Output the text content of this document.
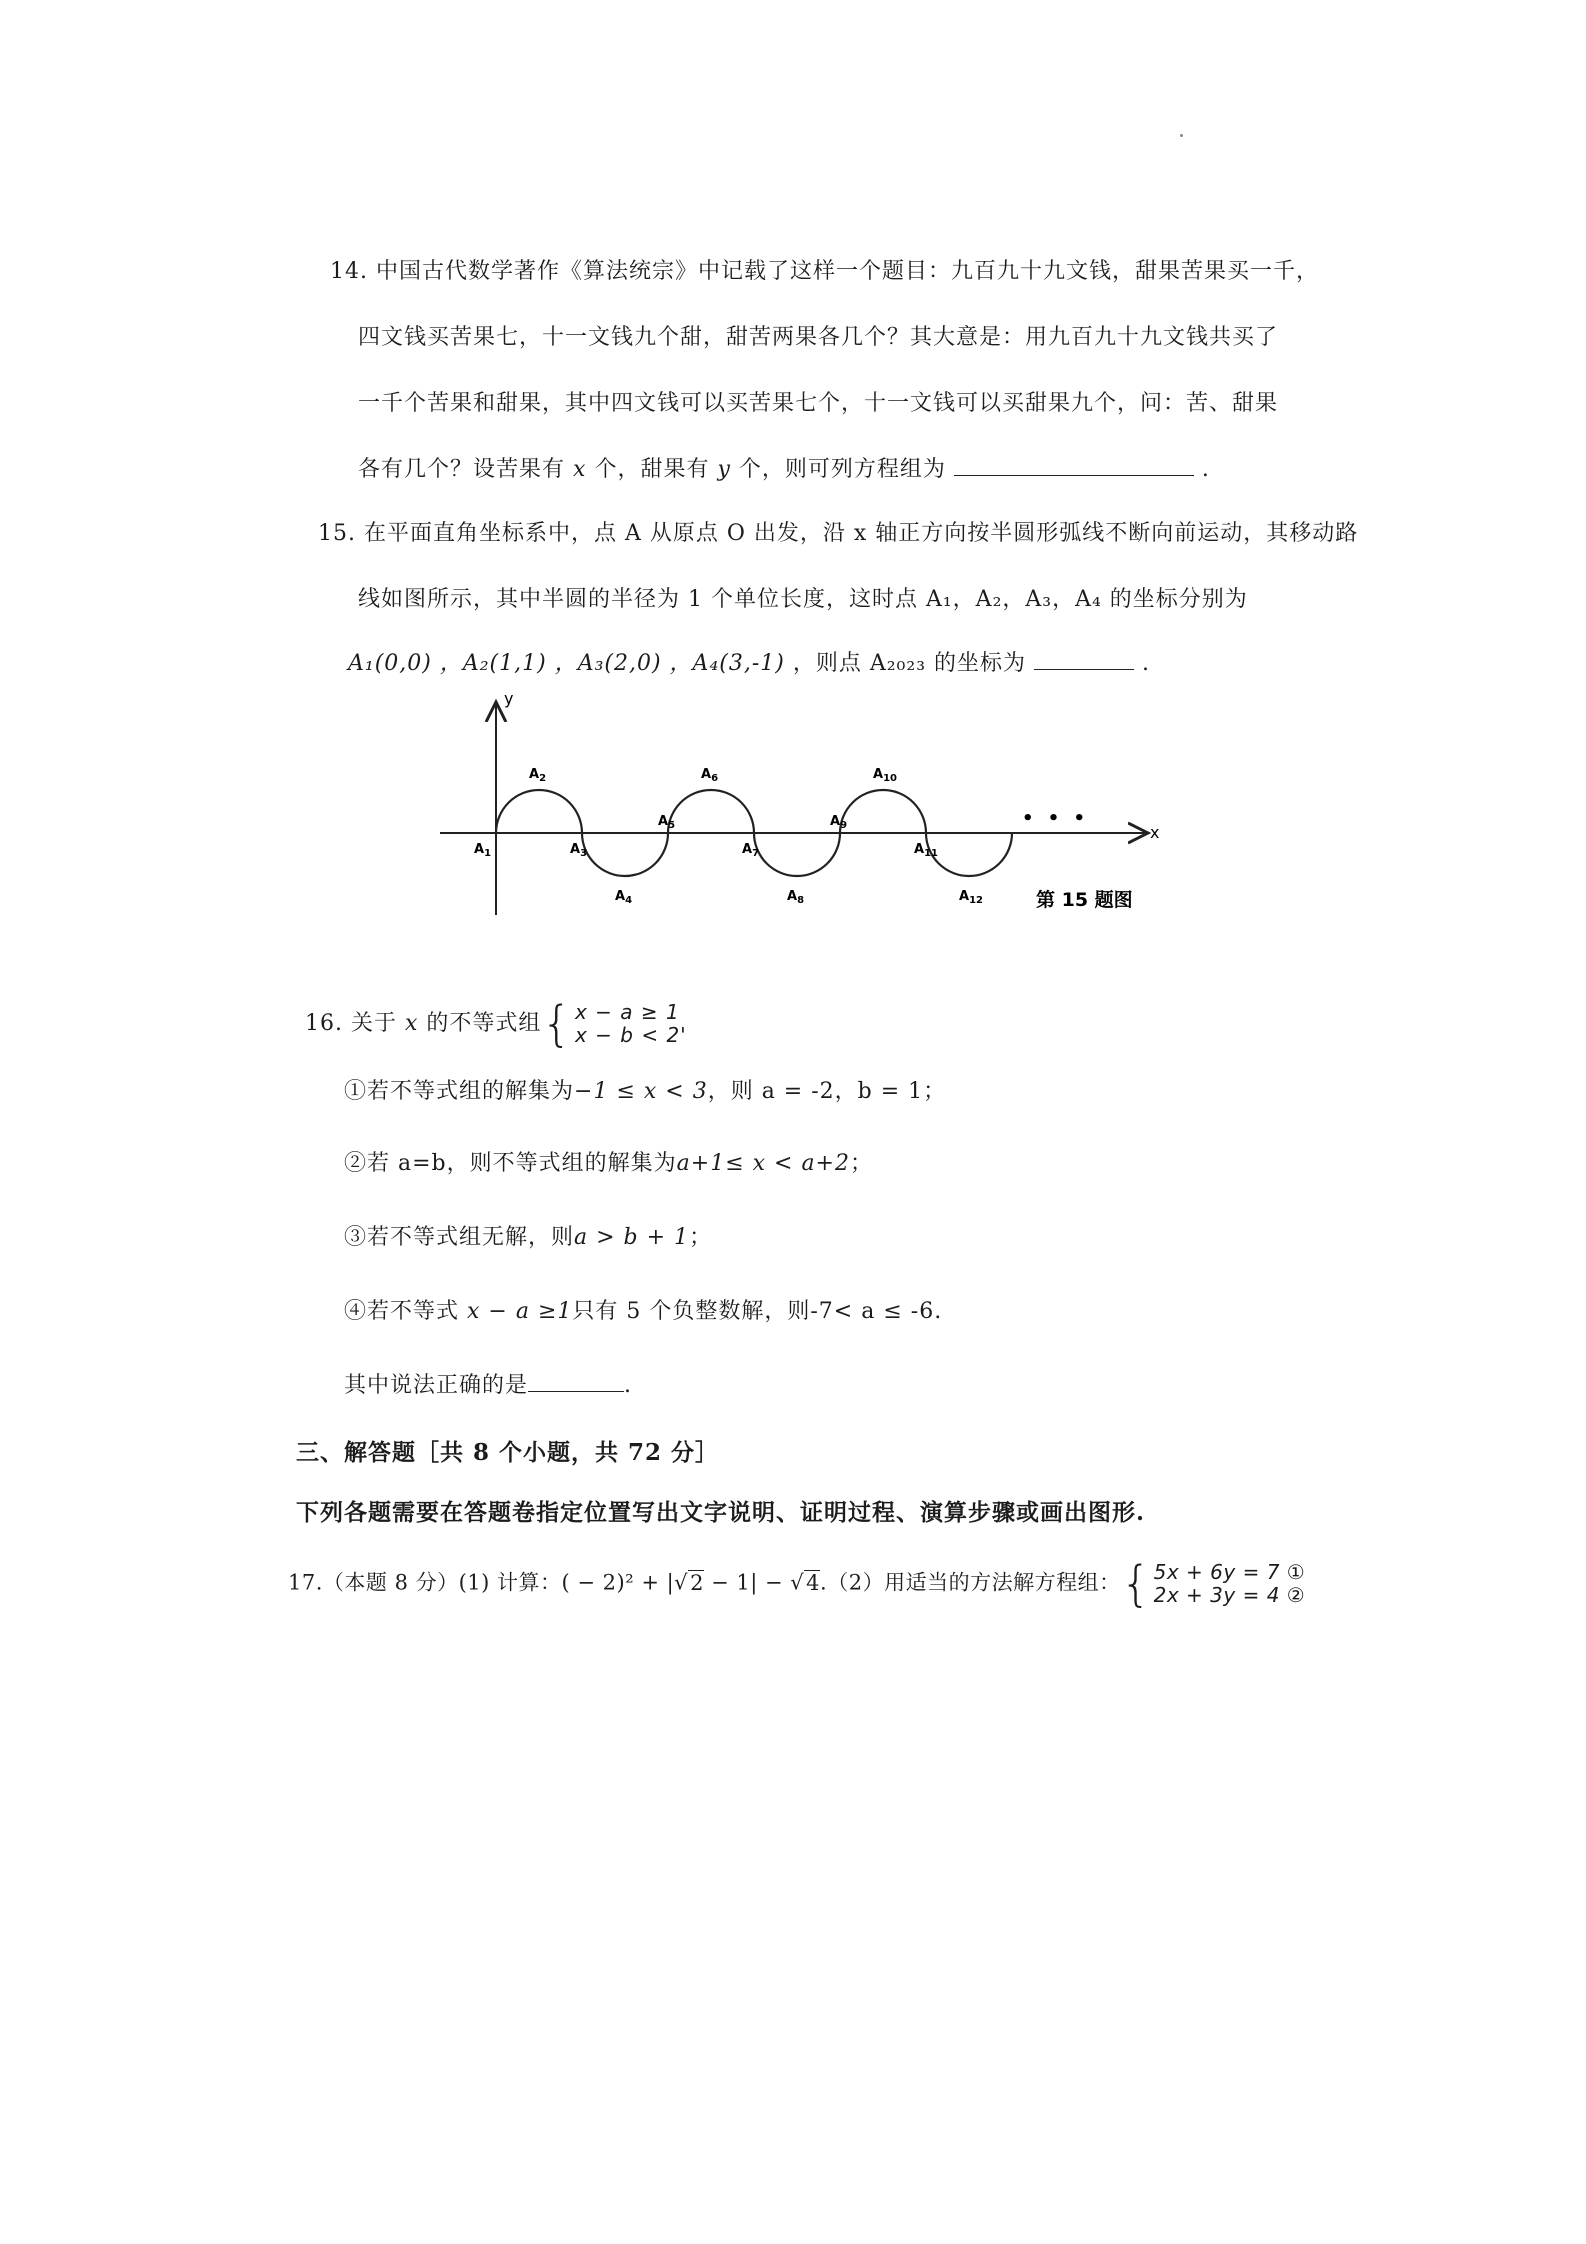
14. 中国古代数学著作《算法统宗》中记载了这样一个题目：九百九十九文钱，甜果苦果买一千，
四文钱买苦果七，十一文钱九个甜，甜苦两果各几个？其大意是：用九百九十九文钱共买了
一千个苦果和甜果，其中四文钱可以买苦果七个，十一文钱可以买甜果九个，问：苦、甜果
各有几个？设苦果有 x 个，甜果有 y 个，则可列方程组为	.
15. 在平面直角坐标系中，点 A 从原点 O 出发，沿 x 轴正方向按半圆形弧线不断向前运动，其移动路
线如图所示，其中半圆的半径为 1 个单位长度，这时点 A₁，A₂，A₃，A₄ 的坐标分别为
A₁(0,0) ，A₂(1,1) ，A₃(2,0) ，A₄(3,-1) ，则点 A₂₀₂₃ 的坐标为	.
y
x
$A_1$
$A_2$
$A_3$
$A_4$
$A_5$
$A_6$
$A_7$
$A_8$
$A_9$
$A_{10}$
$A_{11}$
$A_{12}$
• • •
第 15 题图
16. 关于 x 的不等式组 { x − a ≥ 1
x − b < 2'
①若不等式组的解集为−1 ≤ x < 3，则 a = -2，b = 1；
②若 a=b，则不等式组的解集为a+1≤ x < a+2；
③若不等式组无解，则a > b + 1；
④若不等式 x − a ≥1只有 5 个负整数解，则-7< a ≤ -6.
其中说法正确的是	.
三、解答题［共 8 个小题，共 72 分］
下列各题需要在答题卷指定位置写出文字说明、证明过程、演算步骤或画出图形.
17.（本题 8 分）(1) 计算：( − 2)² + |√2 − 1| − √4.（2）用适当的方法解方程组： { 5x + 6y = 7 ①
2x + 3y = 4 ②
